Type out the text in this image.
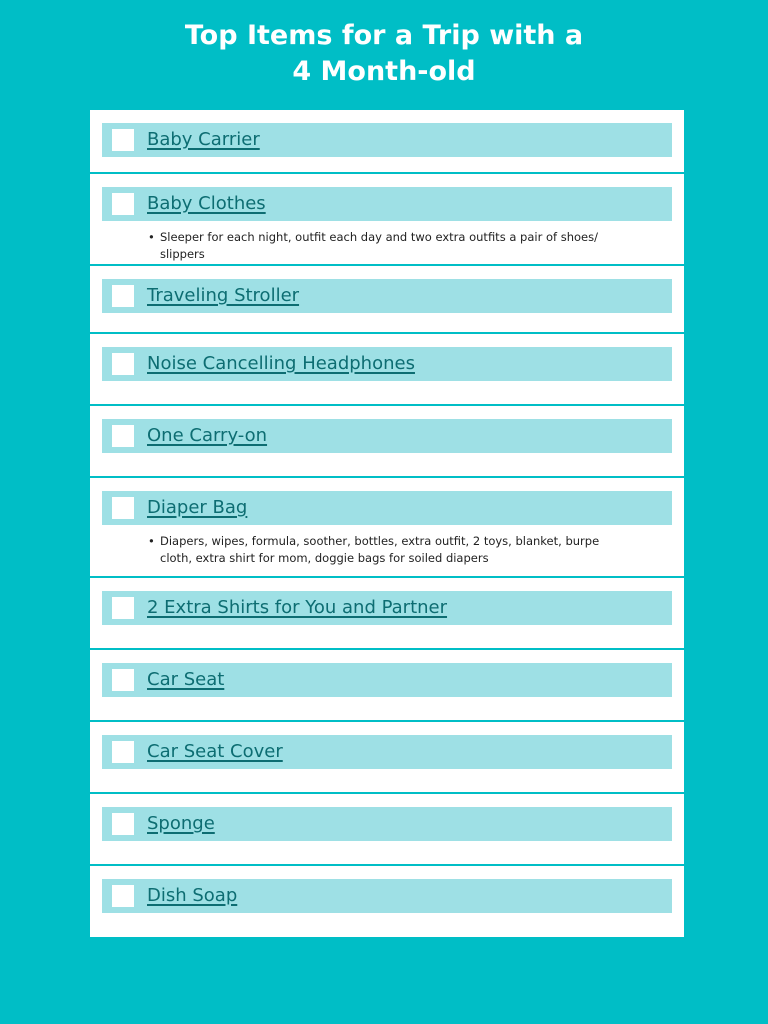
Top Items for a Trip with a
4 Month-old
Baby Carrier
Baby Clothes
• Sleeper for each night, outfit each day and two extra outfits a pair of shoes/ slippers
Traveling Stroller
Noise Cancelling Headphones
One Carry-on
Diaper Bag
• Diapers, wipes, formula, soother, bottles, extra outfit, 2 toys, blanket, burpe cloth, extra shirt for mom, doggie bags for soiled diapers
2 Extra Shirts for You and Partner
Car Seat
Car Seat Cover
Sponge
Dish Soap
